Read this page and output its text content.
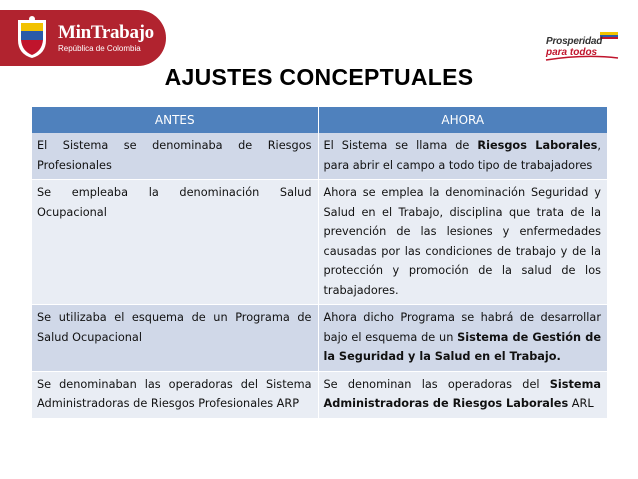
MinTrabajo
República de Colombia
Prosperidad
para todos
AJUSTES CONCEPTUALES
ANTES	AHORA
El Sistema se denominaba de Riesgos Profesionales	El Sistema se llama de Riesgos Laborales, para abrir el campo a todo tipo de trabajadores
Se empleaba la denominación Salud Ocupacional	Ahora se emplea la denominación Seguridad y Salud en el Trabajo, disciplina que trata de la prevención de las lesiones y enfermedades causadas por las condiciones de trabajo y de la protección y promoción de la salud de los trabajadores.
Se utilizaba el esquema de un Programa de Salud Ocupacional	Ahora dicho Programa se habrá de desarrollar bajo el esquema de un Sistema de Gestión de la Seguridad y la Salud en el Trabajo.
Se denominaban las operadoras del Sistema Administradoras de Riesgos Profesionales ARP	Se denominan las operadoras del Sistema Administradoras de Riesgos Laborales ARL
